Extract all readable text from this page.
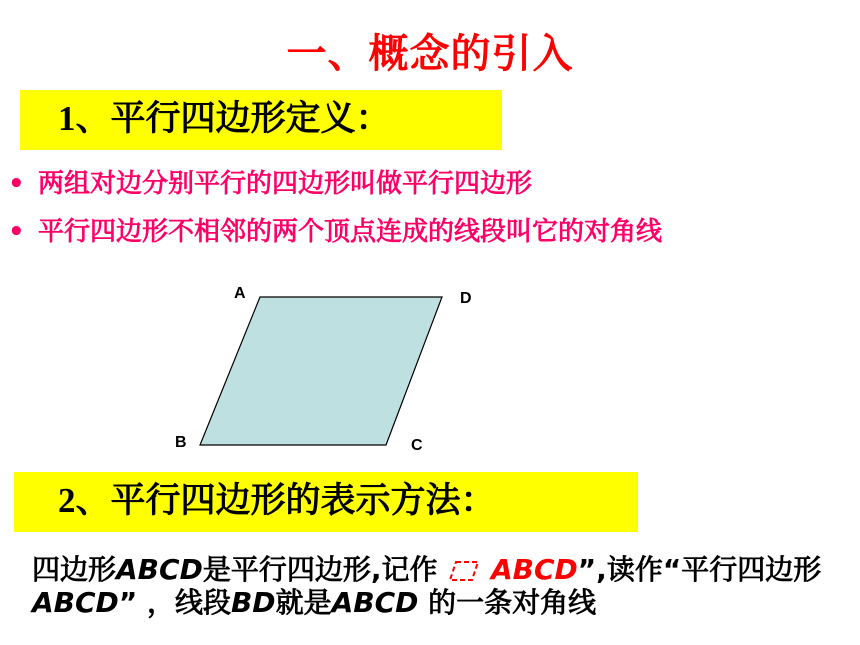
一、概念的引入
1、平行四边形定义：
• 两组对边分别平行的四边形叫做平行四边形
• 平行四边形不相邻的两个顶点连成的线段叫它的对角线
A	D
B	C
2、平行四边形的表示方法：
四边形ABCD是平行四边形,记作 ABCD”,读作“平行四边形ABCD” ，线段BD就是ABCD 的一条对角线
